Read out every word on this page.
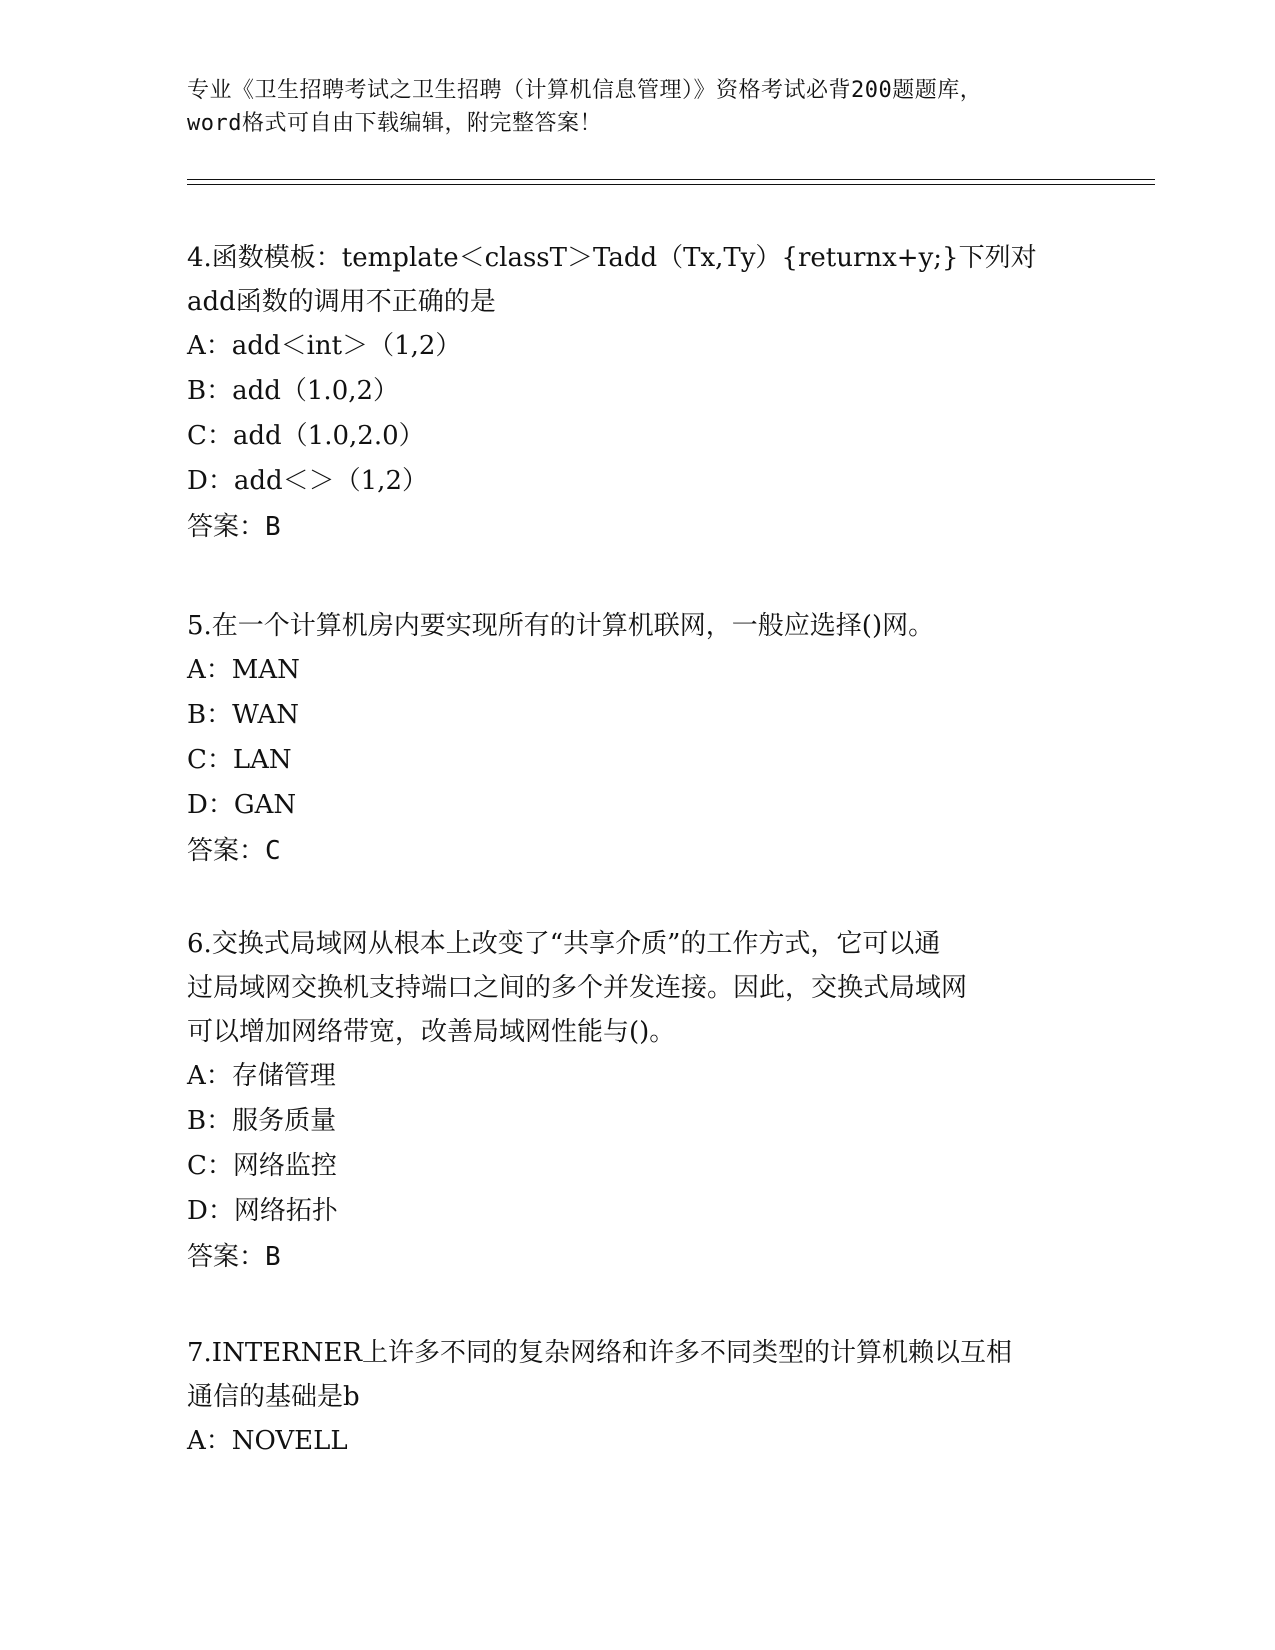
专业《卫生招聘考试之卫生招聘（计算机信息管理）》资格考试必背200题题库，
word格式可自由下载编辑，附完整答案！
4.函数模板：template＜classT＞Tadd（Tx,Ty）{returnx+y;}下列对
add函数的调用不正确的是
A：add＜int＞（1,2）
B：add（1.0,2）
C：add（1.0,2.0）
D：add＜＞（1,2）
答案：B
5.在一个计算机房内要实现所有的计算机联网，一般应选择()网。
A：MAN
B：WAN
C：LAN
D：GAN
答案：C
6.交换式局域网从根本上改变了“共享介质”的工作方式，它可以通
过局域网交换机支持端口之间的多个并发连接。因此，交换式局域网
可以增加网络带宽，改善局域网性能与()。
A：存储管理
B：服务质量
C：网络监控
D：网络拓扑
答案：B
7.INTERNER上许多不同的复杂网络和许多不同类型的计算机赖以互相
通信的基础是b
A：NOVELL
